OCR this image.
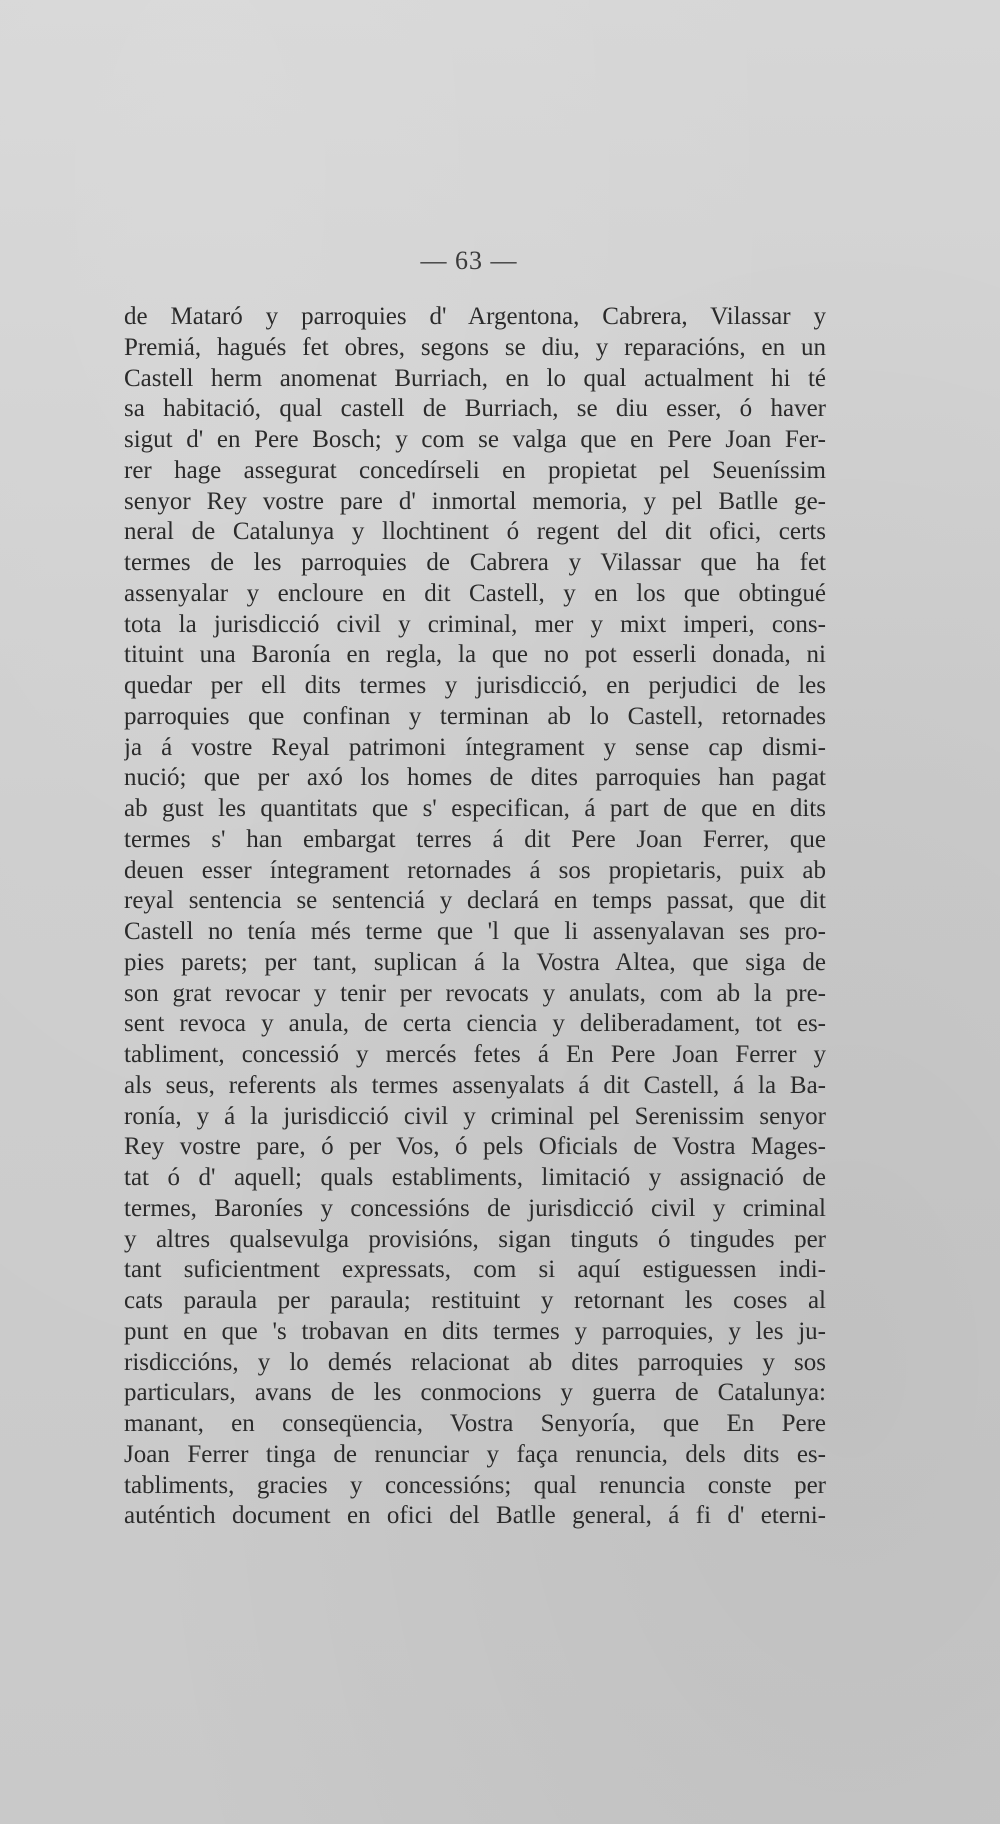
— 63 —
de Mataró y parroquies d' Argentona, Cabrera, Vilassar y
Premiá, hagués fet obres, segons se diu, y reparacións, en un
Castell herm anomenat Burriach, en lo qual actualment hi té
sa habitació, qual castell de Burriach, se diu esser, ó haver
sigut d' en Pere Bosch; y com se valga que en Pere Joan Fer-
rer hage assegurat concedírseli en propietat pel Seueníssim
senyor Rey vostre pare d' inmortal memoria, y pel Batlle ge-
neral de Catalunya y llochtinent ó regent del dit ofici, certs
termes de les parroquies de Cabrera y Vilassar que ha fet
assenyalar y encloure en dit Castell, y en los que obtingué
tota la jurisdicció civil y criminal, mer y mixt imperi, cons-
tituint una Baronía en regla, la que no pot esserli donada, ni
quedar per ell dits termes y jurisdicció, en perjudici de les
parroquies que confinan y terminan ab lo Castell, retornades
ja á vostre Reyal patrimoni íntegrament y sense cap dismi-
nució; que per axó los homes de dites parroquies han pagat
ab gust les quantitats que s' especifican, á part de que en dits
termes s' han embargat terres á dit Pere Joan Ferrer, que
deuen esser íntegrament retornades á sos propietaris, puix ab
reyal sentencia se sentenciá y declará en temps passat, que dit
Castell no tenía més terme que 'l que li assenyalavan ses pro-
pies parets; per tant, suplican á la Vostra Altea, que siga de
son grat revocar y tenir per revocats y anulats, com ab la pre-
sent revoca y anula, de certa ciencia y deliberadament, tot es-
tabliment, concessió y mercés fetes á En Pere Joan Ferrer y
als seus, referents als termes assenyalats á dit Castell, á la Ba-
ronía, y á la jurisdicció civil y criminal pel Serenissim senyor
Rey vostre pare, ó per Vos, ó pels Oficials de Vostra Mages-
tat ó d' aquell; quals establiments, limitació y assignació de
termes, Baroníes y concessións de jurisdicció civil y criminal
y altres qualsevulga provisións, sigan tinguts ó tingudes per
tant suficientment expressats, com si aquí estiguessen indi-
cats paraula per paraula; restituint y retornant les coses al
punt en que 's trobavan en dits termes y parroquies, y les ju-
risdiccións, y lo demés relacionat ab dites parroquies y sos
particulars, avans de les conmocions y guerra de Catalunya:
manant, en conseqüencia, Vostra Senyoría, que En Pere
Joan Ferrer tinga de renunciar y faça renuncia, dels dits es-
tabliments, gracies y concessións; qual renuncia conste per
auténtich document en ofici del Batlle general, á fi d' eterni-
